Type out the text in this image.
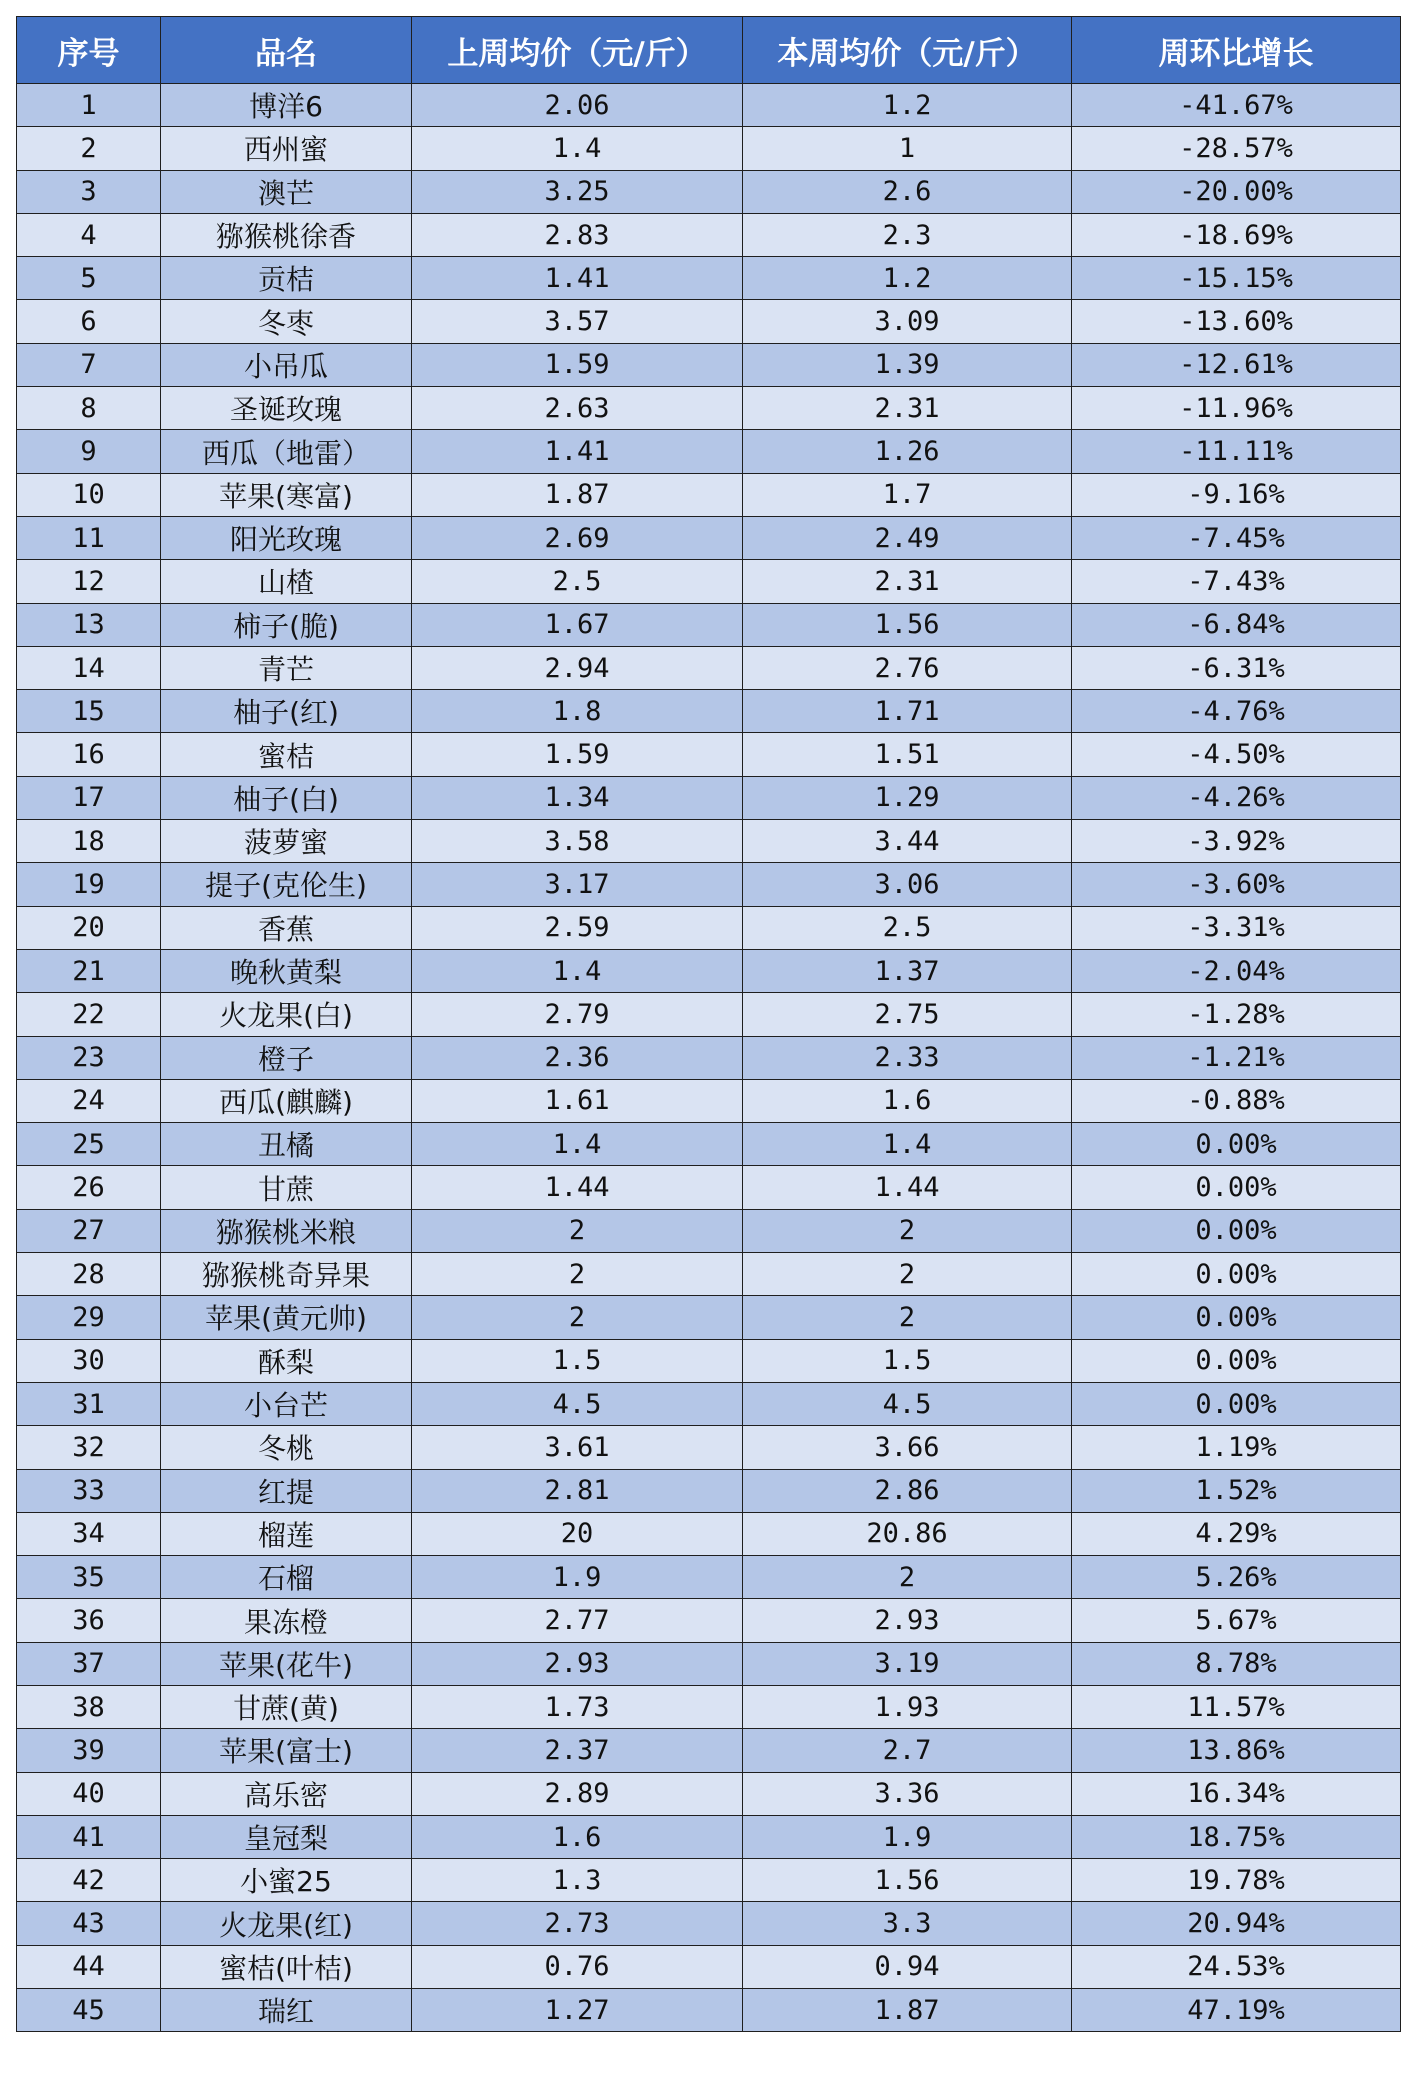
序号	品名	上周均价（元/斤）	本周均价（元/斤）	周环比增长
1	博洋6	2.06	1.2	-41.67%
2	西州蜜	1.4	1	-28.57%
3	澳芒	3.25	2.6	-20.00%
4	猕猴桃徐香	2.83	2.3	-18.69%
5	贡桔	1.41	1.2	-15.15%
6	冬枣	3.57	3.09	-13.60%
7	小吊瓜	1.59	1.39	-12.61%
8	圣诞玫瑰	2.63	2.31	-11.96%
9	西瓜（地雷）	1.41	1.26	-11.11%
10	苹果(寒富)	1.87	1.7	-9.16%
11	阳光玫瑰	2.69	2.49	-7.45%
12	山楂	2.5	2.31	-7.43%
13	柿子(脆)	1.67	1.56	-6.84%
14	青芒	2.94	2.76	-6.31%
15	柚子(红)	1.8	1.71	-4.76%
16	蜜桔	1.59	1.51	-4.50%
17	柚子(白)	1.34	1.29	-4.26%
18	菠萝蜜	3.58	3.44	-3.92%
19	提子(克伦生)	3.17	3.06	-3.60%
20	香蕉	2.59	2.5	-3.31%
21	晚秋黄梨	1.4	1.37	-2.04%
22	火龙果(白)	2.79	2.75	-1.28%
23	橙子	2.36	2.33	-1.21%
24	西瓜(麒麟)	1.61	1.6	-0.88%
25	丑橘	1.4	1.4	0.00%
26	甘蔗	1.44	1.44	0.00%
27	猕猴桃米粮	2	2	0.00%
28	猕猴桃奇异果	2	2	0.00%
29	苹果(黄元帅)	2	2	0.00%
30	酥梨	1.5	1.5	0.00%
31	小台芒	4.5	4.5	0.00%
32	冬桃	3.61	3.66	1.19%
33	红提	2.81	2.86	1.52%
34	榴莲	20	20.86	4.29%
35	石榴	1.9	2	5.26%
36	果冻橙	2.77	2.93	5.67%
37	苹果(花牛)	2.93	3.19	8.78%
38	甘蔗(黄)	1.73	1.93	11.57%
39	苹果(富士)	2.37	2.7	13.86%
40	高乐密	2.89	3.36	16.34%
41	皇冠梨	1.6	1.9	18.75%
42	小蜜25	1.3	1.56	19.78%
43	火龙果(红)	2.73	3.3	20.94%
44	蜜桔(叶桔)	0.76	0.94	24.53%
45	瑞红	1.27	1.87	47.19%
